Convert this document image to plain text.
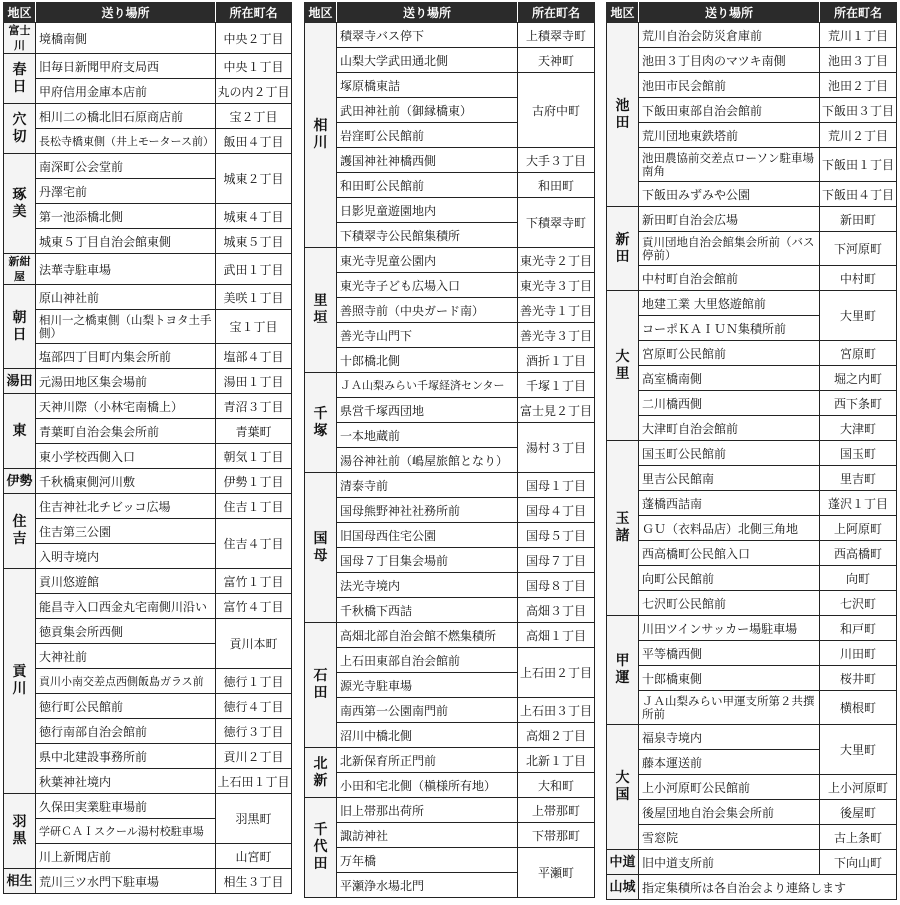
地区	送り場所	所在町名
富士川	境橋南側	中央２丁目
春日	旧毎日新聞甲府支局西	中央１丁目
	甲府信用金庫本店前	丸の内２丁目
穴切	相川二の橋北旧石原商店前	宝２丁目
	長松寺橋東側（井上モータース前）	飯田４丁目
琢美	南深町公会堂前	城東２丁目
	丹澤宅前	
	第一池添橋北側	城東４丁目
	城東５丁目自治会館東側	城東５丁目
新紺屋	法華寺駐車場	武田１丁目
朝日	原山神社前	美咲１丁目
	相川一之橋東側（山梨トヨタ土手側）	宝１丁目
	塩部四丁目町内集会所前	塩部４丁目
湯田	元湯田地区集会場前	湯田１丁目
東	天神川際（小林宅南橋上）	青沼３丁目
	青葉町自治会集会所前	青葉町
	東小学校西側入口	朝気１丁目
伊勢	千秋橋東側河川敷	伊勢１丁目
住吉	住吉神社北チビッコ広場	住吉１丁目
	住吉第三公園	住吉４丁目
	入明寺境内	
貢川	貢川悠遊館	富竹１丁目
	能昌寺入口西金丸宅南側川沿い	富竹４丁目
	徳貢集会所西側	貢川本町
	大神社前	
	貢川小南交差点西側飯島ガラス前	徳行１丁目
	徳行町公民館前	徳行４丁目
	徳行南部自治会館前	徳行３丁目
	県中北建設事務所前	貢川２丁目
	秋葉神社境内	上石田１丁目
羽黒	久保田実業駐車場前	羽黒町
	学研ＣＡＩスクール湯村校駐車場	
	川上新聞店前	山宮町
相生	荒川三ツ水門下駐車場	相生３丁目
地区	送り場所	所在町名
相川	積翠寺バス停下	上積翠寺町
	山梨大学武田通北側	天神町
	塚原橋東詰	古府中町
	武田神社前（御縁橋東）	
	岩窪町公民館前	
	護国神社神橋西側	大手３丁目
	和田町公民館前	和田町
	日影児童遊園地内	下積翠寺町
	下積翠寺公民館集積所	
里垣	東光寺児童公園内	東光寺２丁目
	東光寺子ども広場入口	東光寺３丁目
	善照寺前（中央ガード南）	善光寺１丁目
	善光寺山門下	善光寺３丁目
	十郎橋北側	酒折１丁目
千塚	ＪＡ山梨みらい千塚経済センター	千塚１丁目
	県営千塚西団地	富士見２丁目
	一本地蔵前	湯村３丁目
	湯谷神社前（嶋屋旅館となり）	
国母	清泰寺前	国母１丁目
	国母熊野神社社務所前	国母４丁目
	旧国母西住宅公園	国母５丁目
	国母７丁目集会場前	国母７丁目
	法光寺境内	国母８丁目
	千秋橋下西詰	高畑３丁目
石田	高畑北部自治会館不燃集積所	高畑１丁目
	上石田東部自治会館前	上石田２丁目
	源光寺駐車場	
	南西第一公園南門前	上石田３丁目
	沼川中橋北側	高畑２丁目
北新	北新保育所正門前	北新１丁目
	小田和宅北側（槇様所有地）	大和町
千代田	旧上帯那出荷所	上帯那町
	諏訪神社	下帯那町
	万年橋	平瀬町
	平瀬浄水場北門	
地区	送り場所	所在町名
池田	荒川自治会防災倉庫前	荒川１丁目
	池田３丁目肉のマツキ南側	池田３丁目
	池田市民会館前	池田２丁目
	下飯田東部自治会館前	下飯田３丁目
	荒川団地東鉄塔前	荒川２丁目
	池田農協前交差点ローソン駐車場南角	下飯田１丁目
	下飯田みずみや公園	下飯田４丁目
新田	新田町自治会広場	新田町
	貢川団地自治会館集会所前（バス停前）	下河原町
	中村町自治会館前	中村町
大里	地建工業 大里悠遊館前	大里町
	コーポＫＡＩＵＮ集積所前	
	宮原町公民館前	宮原町
	高室橋南側	堀之内町
	二川橋西側	西下条町
	大津町自治会館前	大津町
玉諸	国玉町公民館前	国玉町
	里吉公民館南	里吉町
	蓬橋西詰南	蓬沢１丁目
	ＧＵ（衣料品店）北側三角地	上阿原町
	西高橋町公民館入口	西高橋町
	向町公民館前	向町
	七沢町公民館前	七沢町
甲運	川田ツインサッカー場駐車場	和戸町
	平等橋西側	川田町
	十郎橋東側	桜井町
	ＪＡ山梨みらい甲運支所第２共撰所前	横根町
大国	福泉寺境内	大里町
	藤本運送前	
	上小河原町公民館前	上小河原町
	後屋団地自治会集会所前	後屋町
	雪窓院	古上条町
中道	旧中道支所前	下向山町
山城	指定集積所は各自治会より連絡します	
